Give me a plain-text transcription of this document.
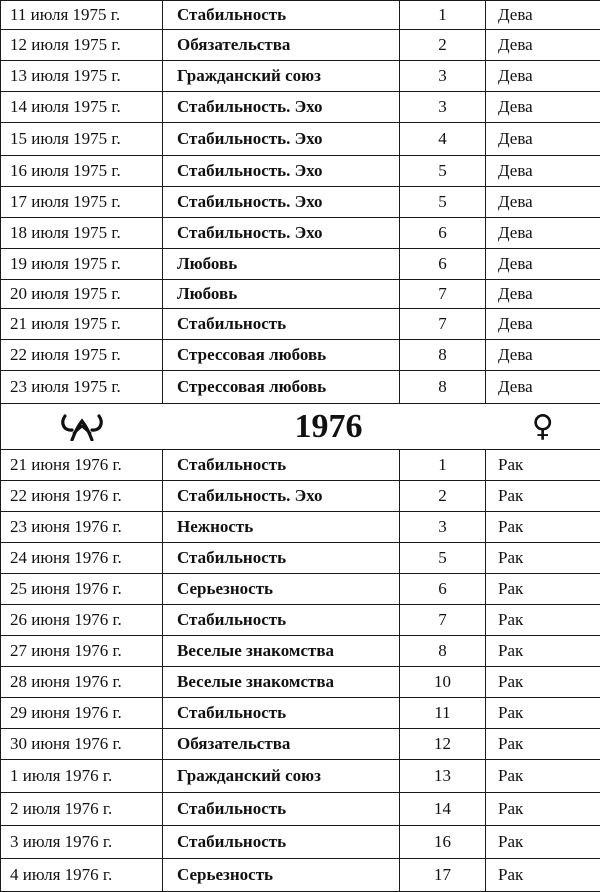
11 июля 1975 г.	Стабильность	1	Дева
12 июля 1975 г.	Обязательства	2	Дева
13 июля 1975 г.	Гражданский союз	3	Дева
14 июля 1975 г.	Стабильность. Эхо	3	Дева
15 июля 1975 г.	Стабильность. Эхо	4	Дева
16 июля 1975 г.	Стабильность. Эхо	5	Дева
17 июля 1975 г.	Стабильность. Эхо	5	Дева
18 июля 1975 г.	Стабильность. Эхо	6	Дева
19 июля 1975 г.	Любовь	6	Дева
20 июля 1975 г.	Любовь	7	Дева
21 июля 1975 г.	Стабильность	7	Дева
22 июля 1975 г.	Стрессовая любовь	8	Дева
23 июля 1975 г.	Стрессовая любовь	8	Дева

	1976		♀
21 июня 1976 г.	Стабильность	1	Рак
22 июня 1976 г.	Стабильность. Эхо	2	Рак
23 июня 1976 г.	Нежность	3	Рак
24 июня 1976 г.	Стабильность	5	Рак
25 июня 1976 г.	Серьезность	6	Рак
26 июня 1976 г.	Стабильность	7	Рак
27 июня 1976 г.	Веселые знакомства	8	Рак
28 июня 1976 г.	Веселые знакомства	10	Рак
29 июня 1976 г.	Стабильность	11	Рак
30 июня 1976 г.	Обязательства	12	Рак
1 июля 1976 г.	Гражданский союз	13	Рак
2 июля 1976 г.	Стабильность	14	Рак
3 июля 1976 г.	Стабильность	16	Рак
4 июля 1976 г.	Серьезность	17	Рак
